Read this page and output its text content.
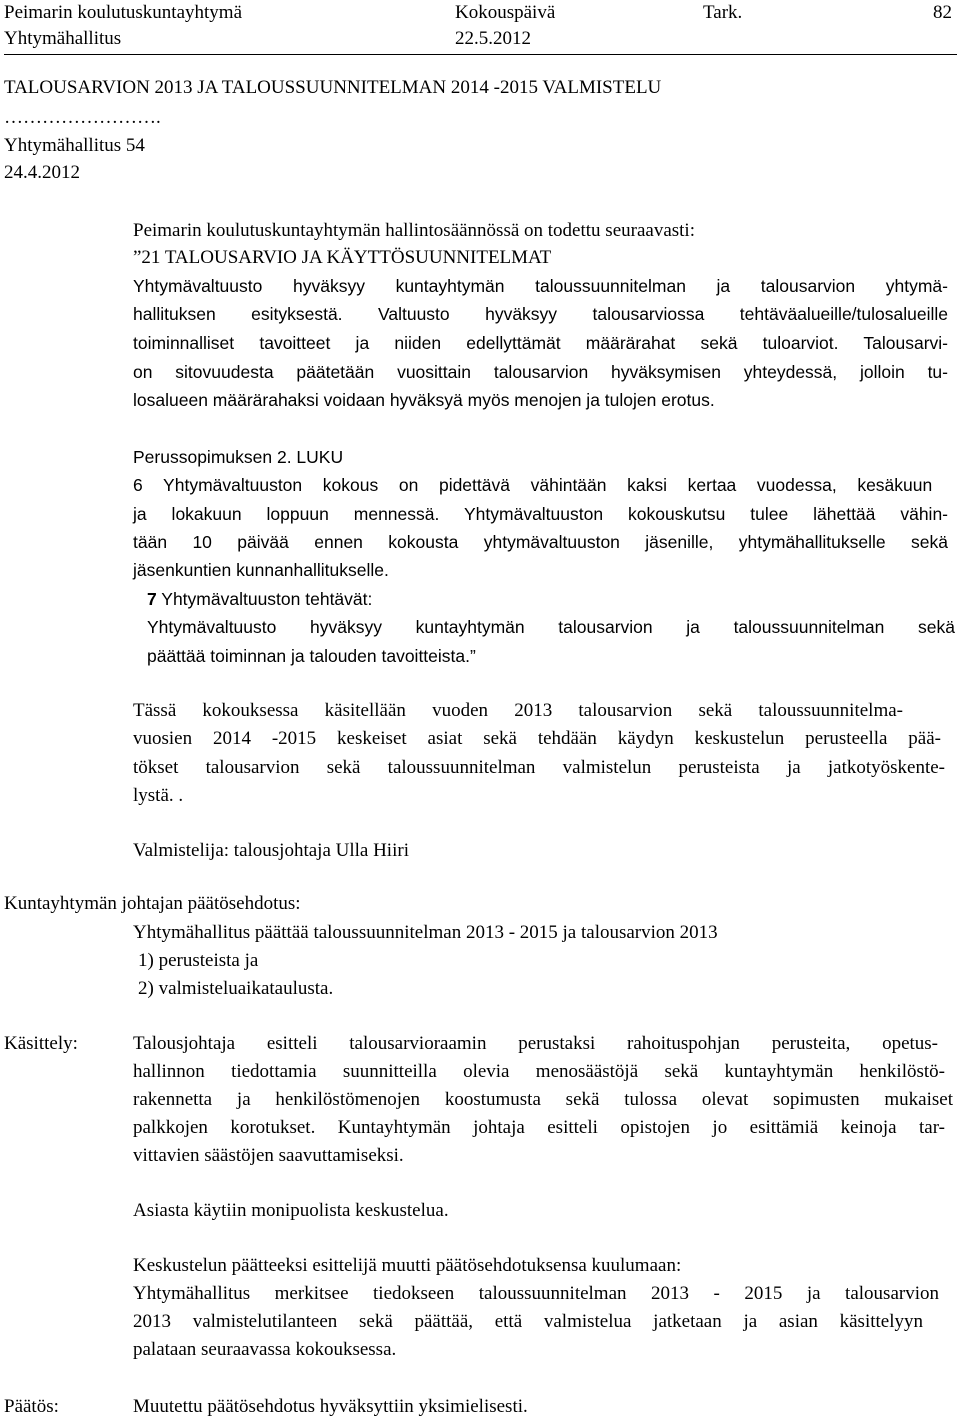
Peimarin koulutuskuntayhtymä	Kokouspäivä	Tark.	82
Yhtymähallitus	22.5.2012
TALOUSARVION 2013 JA TALOUSSUUNNITELMAN 2014 -2015 VALMISTELU
…………………….
Yhtymähallitus 54
24.4.2012
Peimarin koulutuskuntayhtymän hallintosäännössä on todettu seuraavasti:
”21 TALOUSARVIO JA KÄYTTÖSUUNNITELMAT
Yhtymävaltuusto hyväksyy kuntayhtymän taloussuunnitelman ja talousarvion yhtymä-
hallituksen esityksestä. Valtuusto hyväksyy talousarviossa tehtäväalueille/tulosalueille
toiminnalliset tavoitteet ja niiden edellyttämät määrärahat sekä tuloarviot. Talousarvi-
on sitovuudesta päätetään vuosittain talousarvion hyväksymisen yhteydessä, jolloin tu-
losalueen määrärahaksi voidaan hyväksyä myös menojen ja tulojen erotus.
Perussopimuksen 2. LUKU
6 Yhtymävaltuuston kokous on pidettävä vähintään kaksi kertaa vuodessa, kesäkuun
ja lokakuun loppuun mennessä. Yhtymävaltuuston kokouskutsu tulee lähettää vähin-
tään 10 päivää ennen kokousta yhtymävaltuuston jäsenille, yhtymähallitukselle sekä
jäsenkuntien kunnanhallitukselle.
7 Yhtymävaltuuston tehtävät:
Yhtymävaltuusto hyväksyy kuntayhtymän talousarvion ja taloussuunnitelman sekä
päättää toiminnan ja talouden tavoitteista.”
Tässä kokouksessa käsitellään vuoden 2013 talousarvion sekä taloussuunnitelma-
vuosien 2014 -2015 keskeiset asiat sekä tehdään käydyn keskustelun perusteella pää-
tökset talousarvion sekä taloussuunnitelman valmistelun perusteista ja jatkotyöskente-
lystä. .
Valmistelija: talousjohtaja Ulla Hiiri
Kuntayhtymän johtajan päätösehdotus:
Yhtymähallitus päättää taloussuunnitelman 2013 - 2015 ja talousarvion 2013
1) perusteista ja
2) valmisteluaikataulusta.
Käsittely:	Talousjohtaja esitteli talousarvioraamin perustaksi rahoituspohjan perusteita, opetus-
hallinnon tiedottamia suunnitteilla olevia menosäästöjä sekä kuntayhtymän henkilöstö-
rakennetta ja henkilöstömenojen koostumusta sekä tulossa olevat sopimusten mukaiset
palkkojen korotukset. Kuntayhtymän johtaja esitteli opistojen jo esittämiä keinoja tar-
vittavien säästöjen saavuttamiseksi.
Asiasta käytiin monipuolista keskustelua.
Keskustelun päätteeksi esittelijä muutti päätösehdotuksensa kuulumaan:
Yhtymähallitus merkitsee tiedokseen taloussuunnitelman 2013 - 2015 ja talousarvion
2013 valmistelutilanteen sekä päättää, että valmistelua jatketaan ja asian käsittelyyn
palataan seuraavassa kokouksessa.
Päätös:	Muutettu päätösehdotus hyväksyttiin yksimielisesti.
